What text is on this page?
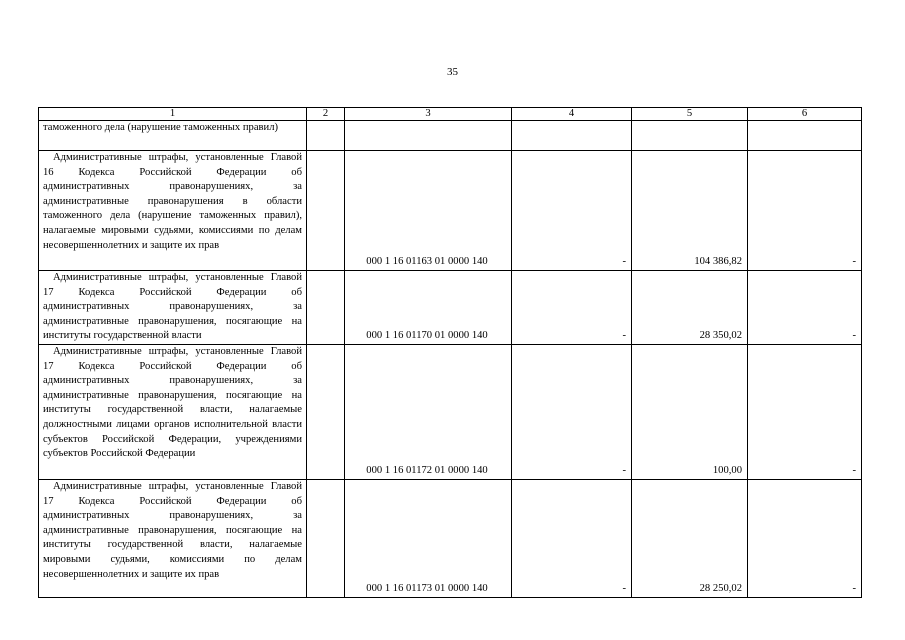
35
1	2	3	4	5	6
таможенного дела (нарушение таможенных правил)					
Административные штрафы, установленные Главой 16 Кодекса Российской Федерации об административных правонарушениях, за административные правонарушения в области таможенного дела (нарушение таможенных правил), налагаемые мировыми судьями, комиссиями по делам несовершеннолетних и защите их прав		000 1 16 01163 01 0000 140	-	104 386,82	-
Административные штрафы, установленные Главой 17 Кодекса Российской Федерации об административных правонарушениях, за административные правонарушения, посягающие на институты государственной власти		000 1 16 01170 01 0000 140	-	28 350,02	-
Административные штрафы, установленные Главой 17 Кодекса Российской Федерации об административных правонарушениях, за административные правонарушения, посягающие на институты государственной власти, налагаемые должностными лицами органов исполнительной власти субъектов Российской Федерации, учреждениями субъектов Российской Федерации		000 1 16 01172 01 0000 140	-	100,00	-
Административные штрафы, установленные Главой 17 Кодекса Российской Федерации об административных правонарушениях, за административные правонарушения, посягающие на институты государственной власти, налагаемые мировыми судьями, комиссиями по делам несовершеннолетних и защите их прав		000 1 16 01173 01 0000 140	-	28 250,02	-
